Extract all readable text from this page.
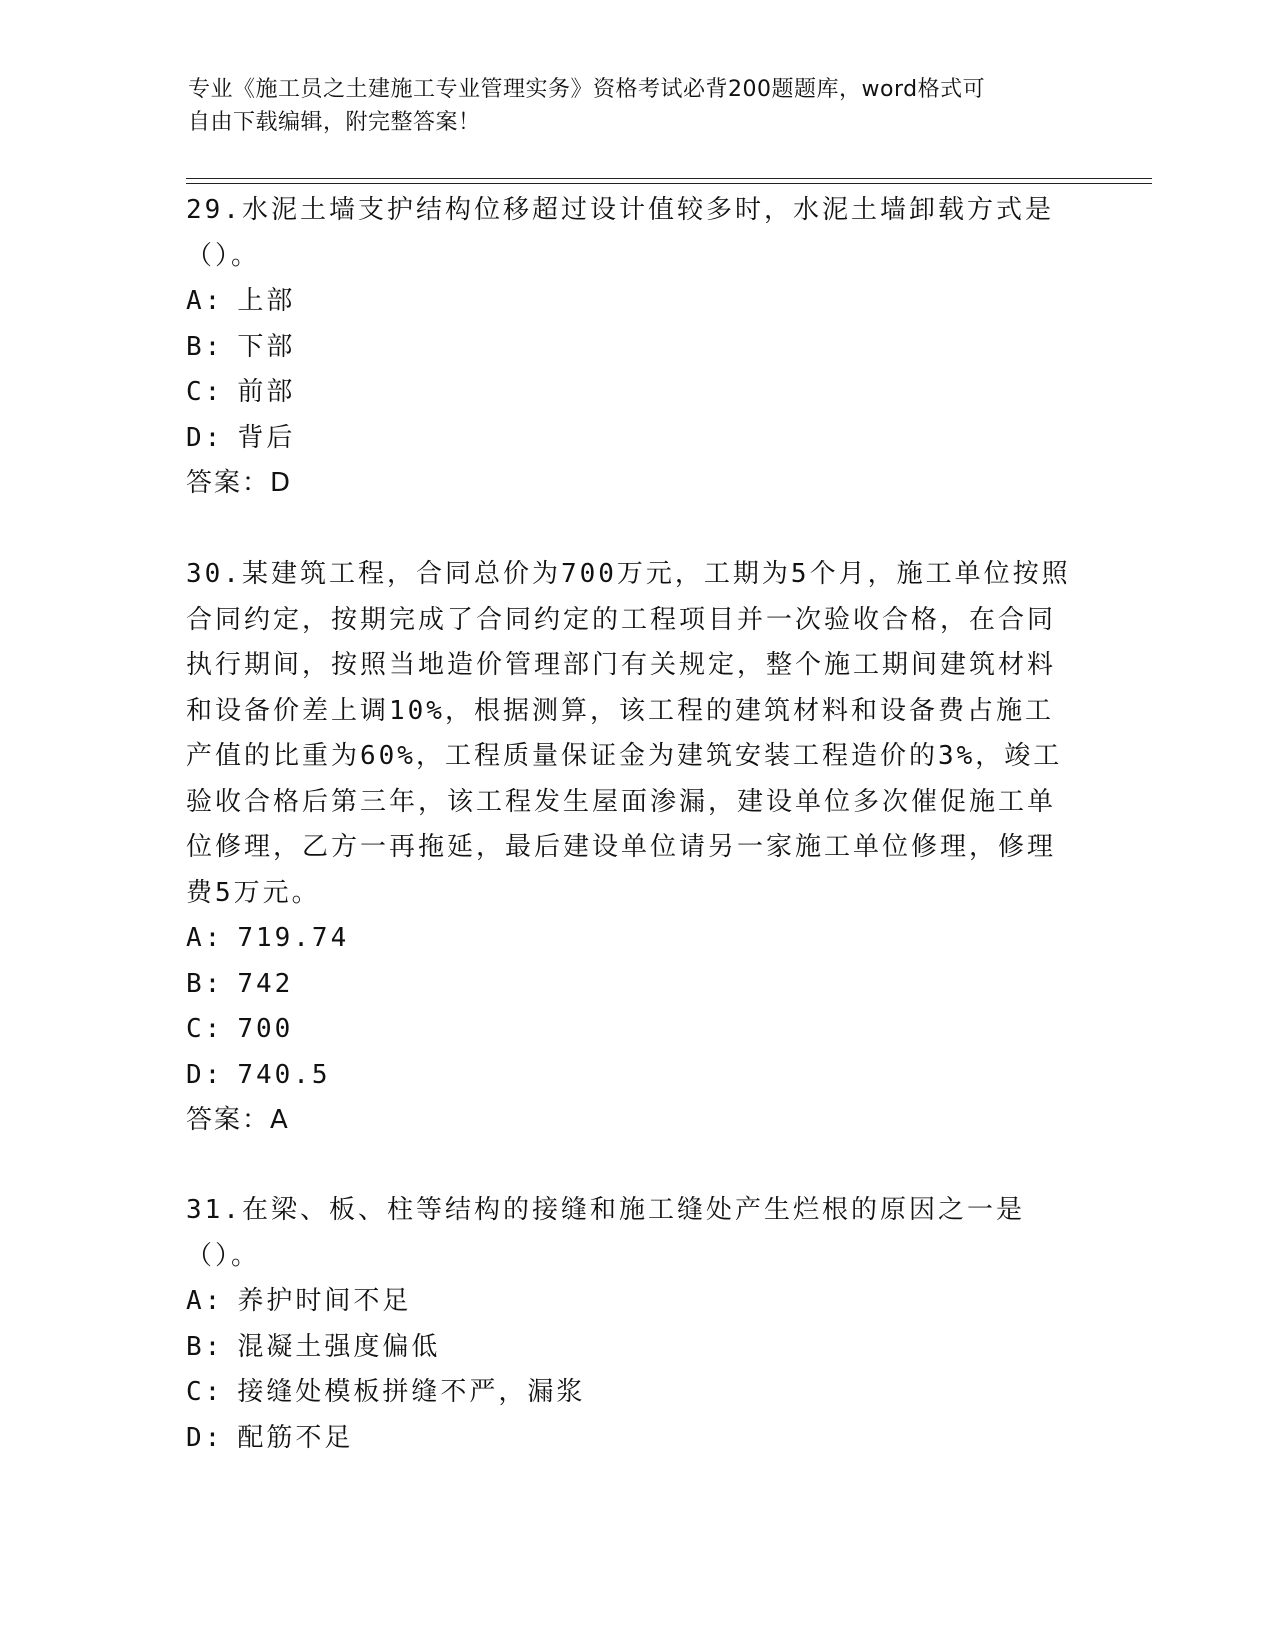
专业《施工员之土建施工专业管理实务》资格考试必背200题题库，word格式可
自由下载编辑，附完整答案！

29.水泥土墙支护结构位移超过设计值较多时，水泥土墙卸载方式是（）。

A: 上部

B: 下部

C: 前部

D: 背后

答案：D

30.某建筑工程，合同总价为700万元，工期为5个月，施工单位按照合同约定，按期完成了合同约定的工程项目并一次验收合格，在合同执行期间，按照当地造价管理部门有关规定，整个施工期间建筑材料和设备价差上调10%，根据测算，该工程的建筑材料和设备费占施工产值的比重为60%，工程质量保证金为建筑安装工程造价的3%，竣工验收合格后第三年，该工程发生屋面渗漏，建设单位多次催促施工单位修理，乙方一再拖延，最后建设单位请另一家施工单位修理，修理费5万元。

A: 719.74

B: 742

C: 700

D: 740.5

答案：A

31.在梁、板、柱等结构的接缝和施工缝处产生烂根的原因之一是（）。

A: 养护时间不足

B: 混凝土强度偏低

C: 接缝处模板拼缝不严，漏浆

D: 配筋不足
